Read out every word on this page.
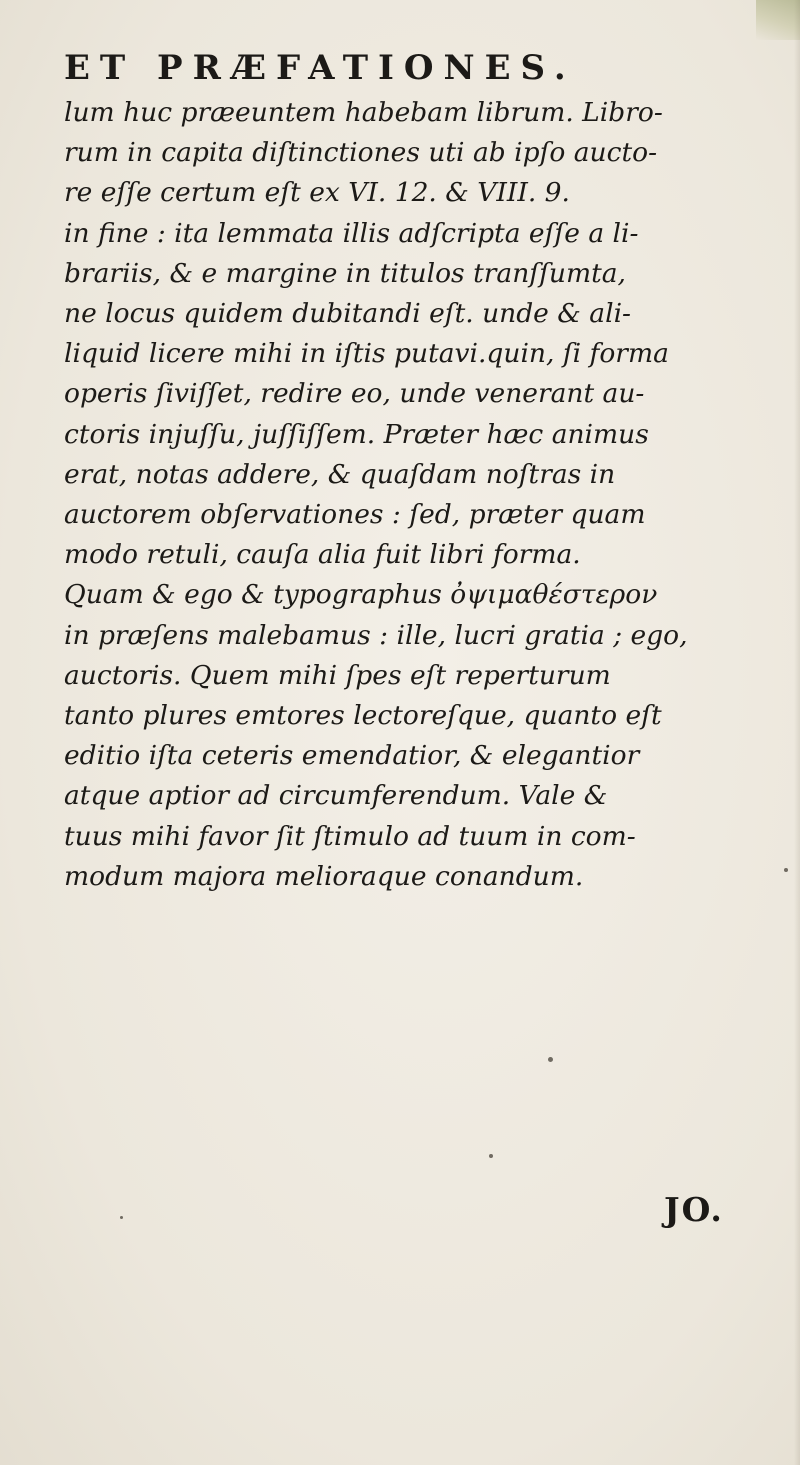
ET PRÆFATIONES.
lum huc præeuntem habebam librum. Libro-
rum in capita diſtinctiones uti ab ipſo aucto-
re eſſe certum eſt ex VI. 12. & VIII. 9.
in fine : ita lemmata illis adſcripta eſſe a li-
brariis, & e margine in titulos tranſſumta,
ne locus quidem dubitandi eſt. unde & ali-
liquid licere mihi in iſtis putavi.quin, ſi forma
operis ſiviſſet, redire eo, unde venerant au-
ctoris injuſſu, juſſiſſem. Præter hæc animus
erat, notas addere, & quaſdam noſtras in
auctorem obſervationes : ſed, præter quam
modo retuli, cauſa alia fuit libri forma.
Quam & ego & typographus ὀψιμαθέστερον
in præſens malebamus : ille, lucri gratia ; ego,
auctoris. Quem mihi ſpes eſt reperturum
tanto plures emtores lectoreſque, quanto eſt
editio iſta ceteris emendatior, & elegantior
atque aptior ad circumferendum. Vale &
tuus mihi favor ſit ſtimulo ad tuum in com-
modum majora melioraque conandum.
JO.
